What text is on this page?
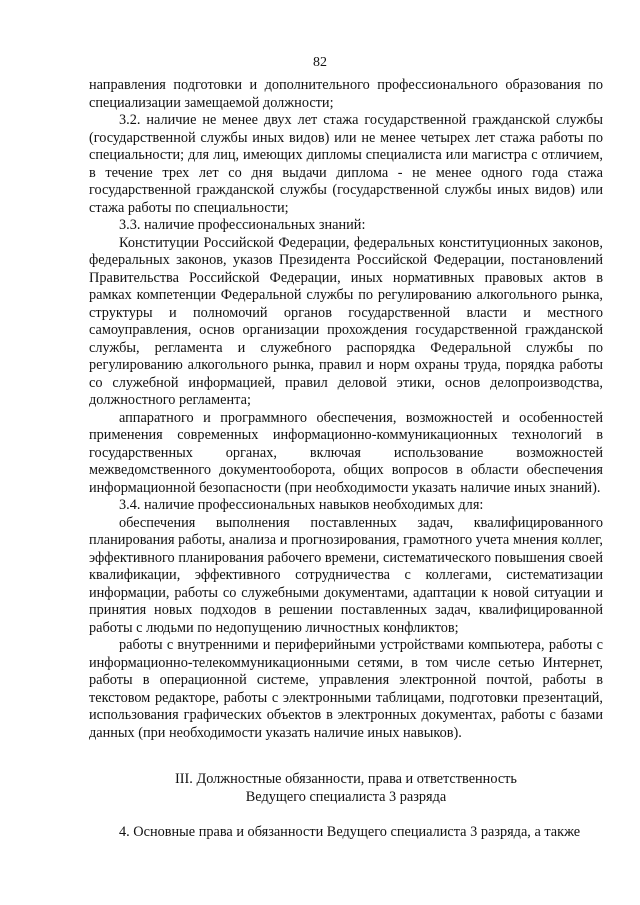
82

направления подготовки и дополнительного профессионального образования по специализации замещаемой должности;

3.2. наличие не менее двух лет стажа государственной гражданской службы (государственной службы иных видов) или не менее четырех лет стажа работы по специальности; для лиц, имеющих дипломы специалиста или магистра с отличием, в течение трех лет со дня выдачи диплома - не менее одного года стажа государственной гражданской службы (государственной службы иных видов) или стажа работы по специальности;

3.3. наличие профессиональных знаний:

Конституции Российской Федерации, федеральных конституционных законов, федеральных законов, указов Президента Российской Федерации, постановлений Правительства Российской Федерации, иных нормативных правовых актов в рамках компетенции Федеральной службы по регулированию алкогольного рынка, структуры и полномочий органов государственной власти и местного самоуправления, основ организации прохождения государственной гражданской службы, регламента и служебного распорядка Федеральной службы по регулированию алкогольного рынка, правил и норм охраны труда, порядка работы со служебной информацией, правил деловой этики, основ делопроизводства, должностного регламента;

аппаратного и программного обеспечения, возможностей и особенностей применения современных информационно-коммуникационных технологий в государственных органах, включая использование возможностей межведомственного документооборота, общих вопросов в области обеспечения информационной безопасности (при необходимости указать наличие иных знаний).

3.4. наличие профессиональных навыков необходимых для:

обеспечения выполнения поставленных задач, квалифицированного планирования работы, анализа и прогнозирования, грамотного учета мнения коллег, эффективного планирования рабочего времени, систематического повышения своей квалификации, эффективного сотрудничества с коллегами, систематизации информации, работы со служебными документами, адаптации к новой ситуации и принятия новых подходов в решении поставленных задач, квалифицированной работы с людьми по недопущению личностных конфликтов;

работы с внутренними и периферийными устройствами компьютера, работы с информационно-телекоммуникационными сетями, в том числе сетью Интернет, работы в операционной системе, управления электронной почтой, работы в текстовом редакторе, работы с электронными таблицами, подготовки презентаций, использования графических объектов в электронных документах, работы с базами данных (при необходимости указать наличие иных навыков).

III. Должностные обязанности, права и ответственность
Ведущего специалиста 3 разряда

4. Основные права и обязанности Ведущего специалиста 3 разряда, а также
